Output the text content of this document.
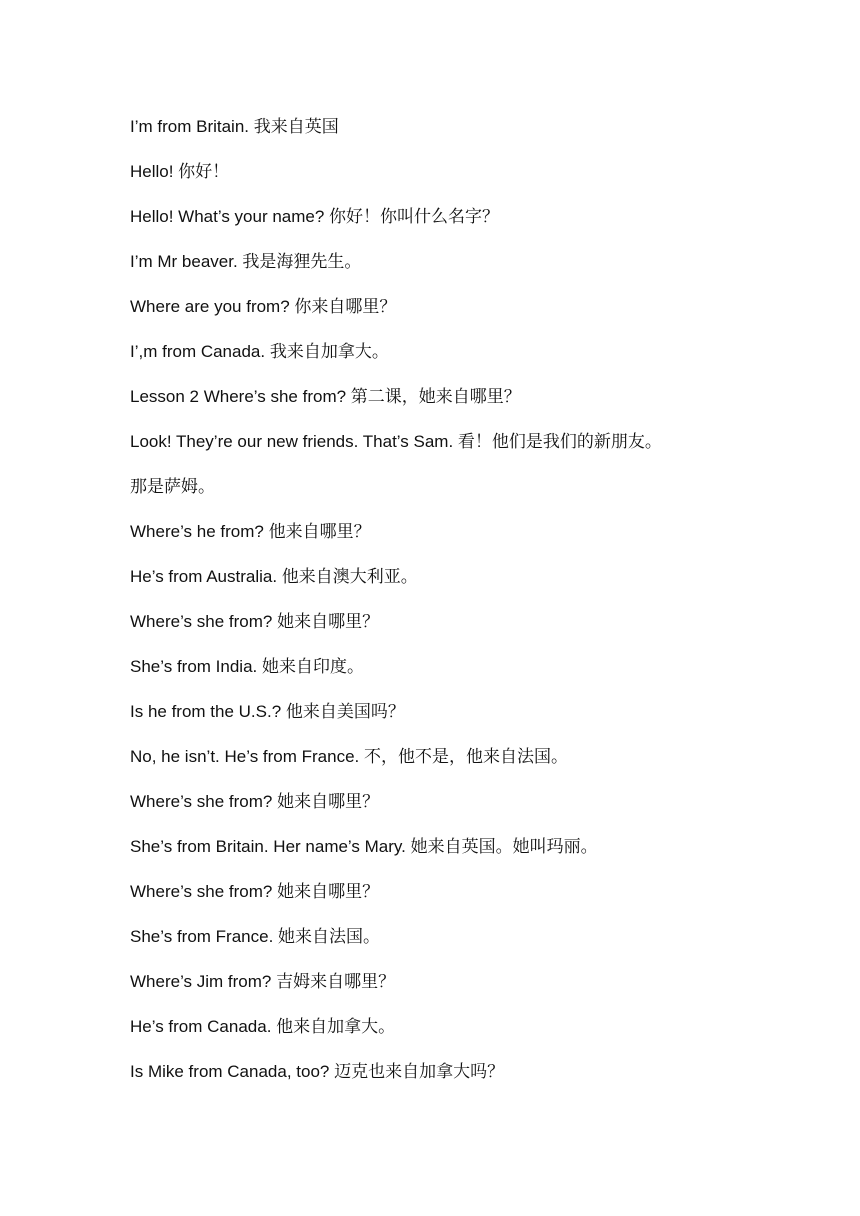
I’m from Britain. 我来自英国
Hello! 你好！
Hello! What’s your name? 你好！你叫什么名字？
I’m Mr beaver. 我是海狸先生。
Where are you from? 你来自哪里？
I’,m from Canada. 我来自加拿大。
Lesson 2 Where’s she from? 第二课，她来自哪里？
Look! They’re our new friends. That’s Sam. 看！他们是我们的新朋友。
那是萨姆。
Where’s he from? 他来自哪里？
He’s from Australia. 他来自澳大利亚。
Where’s she from? 她来自哪里？
She’s from India. 她来自印度。
Is he from the U.S.? 他来自美国吗？
No, he isn’t. He’s from France. 不，他不是，他来自法国。
Where’s she from? 她来自哪里？
She’s from Britain. Her name’s Mary. 她来自英国。她叫玛丽。
Where’s she from? 她来自哪里？
She’s from France. 她来自法国。
Where’s Jim from? 吉姆来自哪里？
He’s from Canada. 他来自加拿大。
Is Mike from Canada, too? 迈克也来自加拿大吗？
